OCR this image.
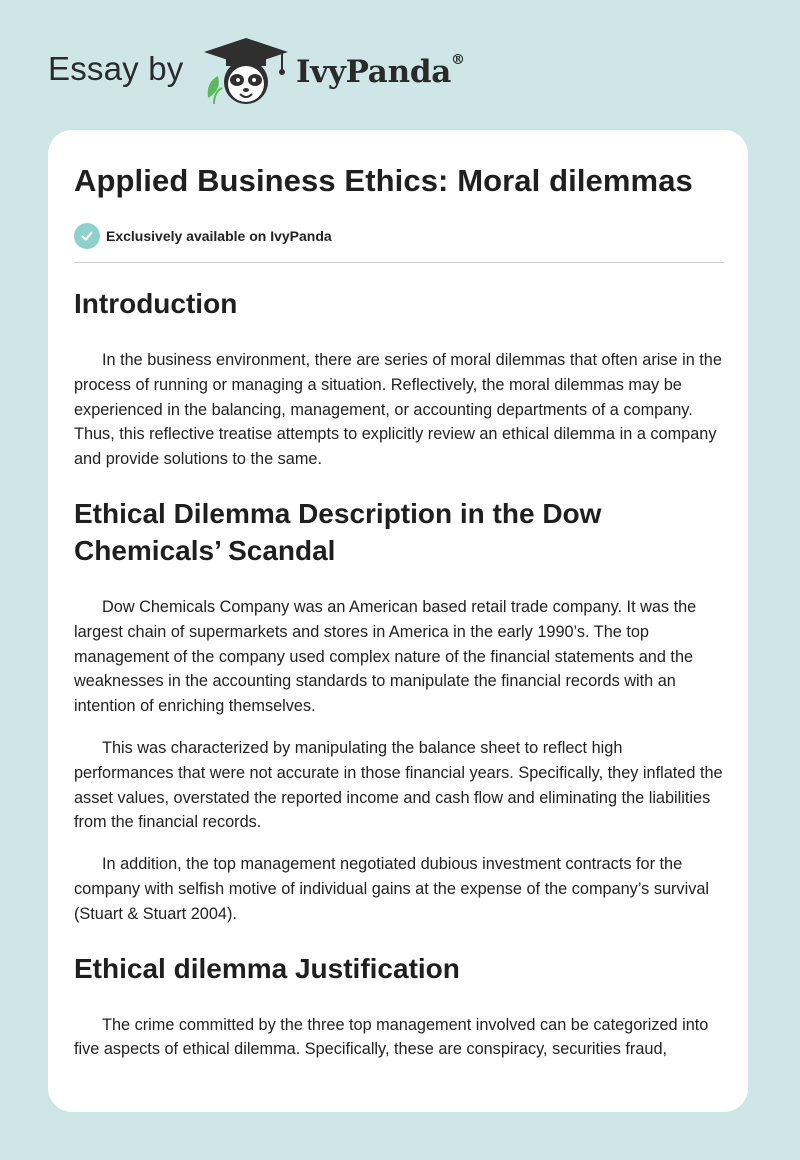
Essay by	IvyPanda®
Applied Business Ethics: Moral dilemmas
Exclusively available on IvyPanda
Introduction

In the business environment, there are series of moral dilemmas that often arise in the process of running or managing a situation. Reflectively, the moral dilemmas may be experienced in the balancing, management, or accounting departments of a company. Thus, this reflective treatise attempts to explicitly review an ethical dilemma in a company and provide solutions to the same.

Ethical Dilemma Description in the Dow Chemicals’ Scandal

Dow Chemicals Company was an American based retail trade company. It was the largest chain of supermarkets and stores in America in the early 1990’s. The top management of the company used complex nature of the financial statements and the weaknesses in the accounting standards to manipulate the financial records with an intention of enriching themselves.

This was characterized by manipulating the balance sheet to reflect high performances that were not accurate in those financial years. Specifically, they inflated the asset values, overstated the reported income and cash flow and eliminating the liabilities from the financial records.

In addition, the top management negotiated dubious investment contracts for the company with selfish motive of individual gains at the expense of the company’s survival (Stuart & Stuart 2004).

Ethical dilemma Justification

The crime committed by the three top management involved can be categorized into five aspects of ethical dilemma. Specifically, these are conspiracy, securities fraud,
